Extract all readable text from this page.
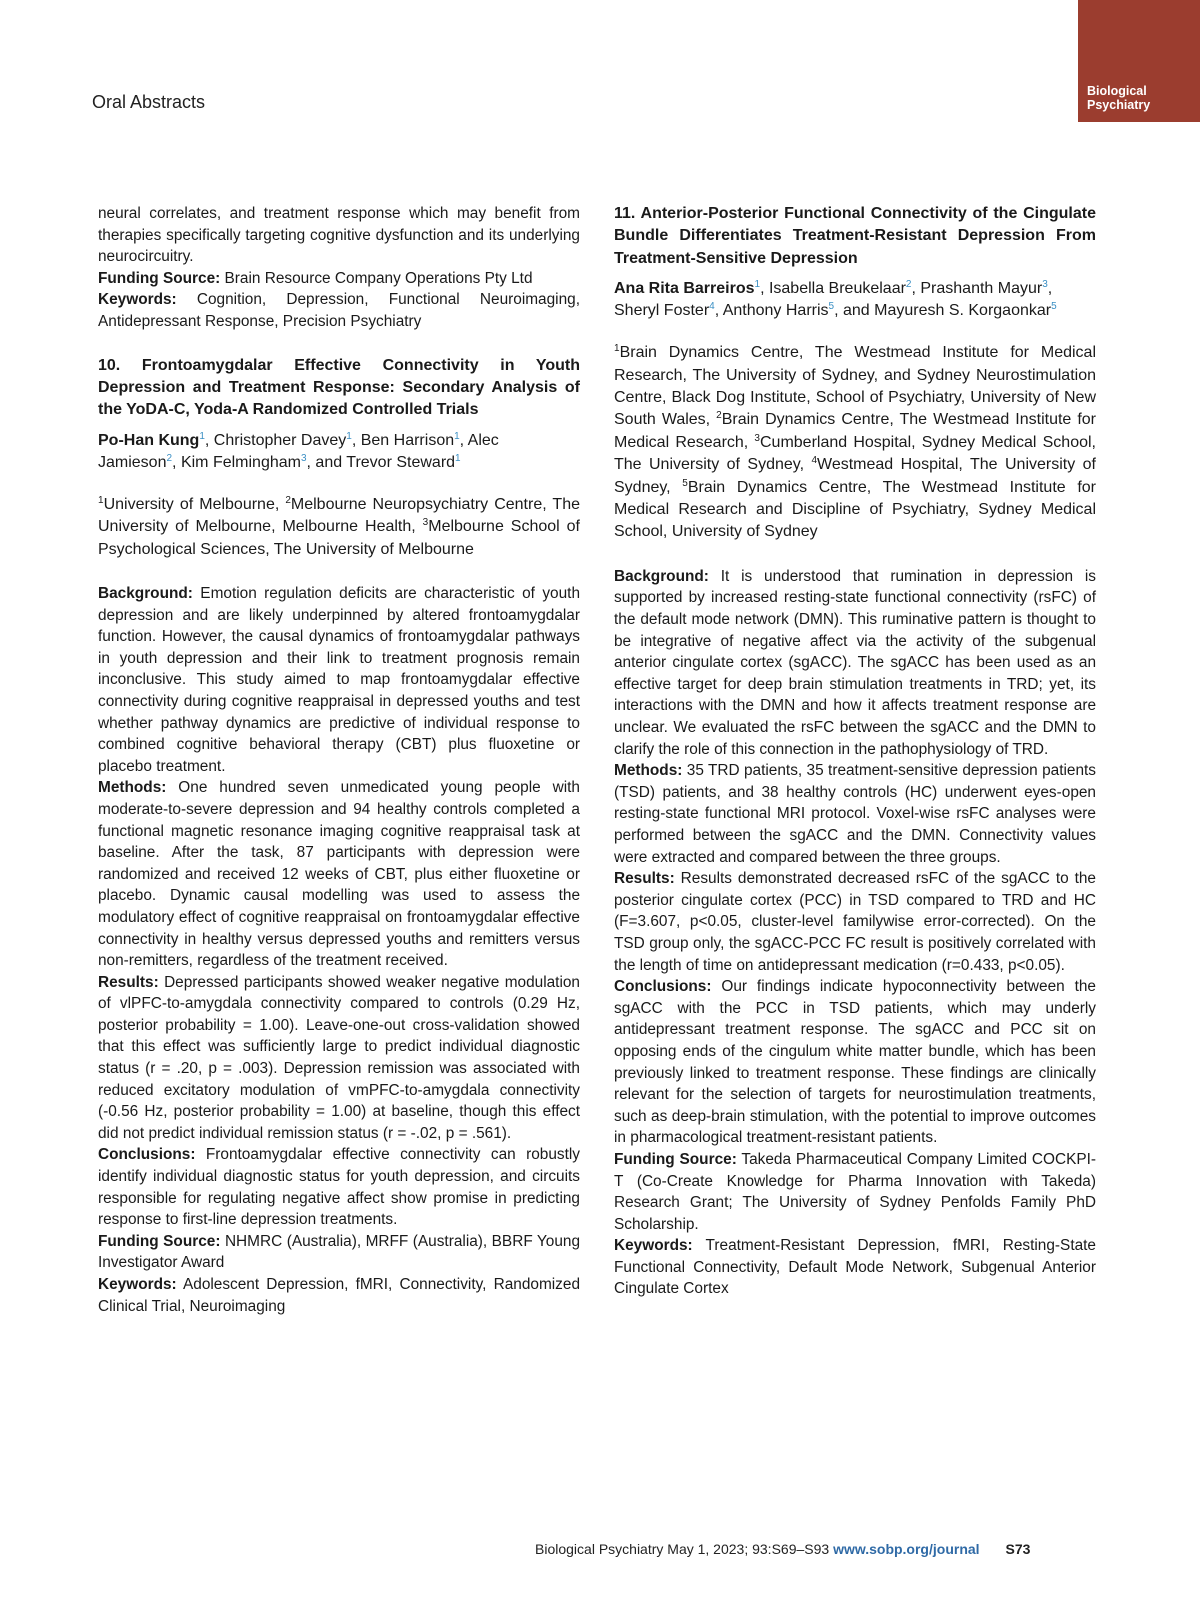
Biological
Psychiatry
Oral Abstracts

neural correlates, and treatment response which may benefit from therapies specifically targeting cognitive dysfunction and its underlying neurocircuitry.

Funding Source: Brain Resource Company Operations Pty Ltd

Keywords: Cognition, Depression, Functional Neuroimaging, Antidepressant Response, Precision Psychiatry

10. Frontoamygdalar Effective Connectivity in Youth Depression and Treatment Response: Secondary Analysis of the YoDA-C, Yoda-A Randomized Controlled Trials

Po-Han Kung$^1$, Christopher Davey$^1$, Ben Harrison$^1$, Alec Jamieson$^2$, Kim Felmingham$^3$, and Trevor Steward$^1$

$^1$University of Melbourne, $^2$Melbourne Neuropsychiatry Centre, The University of Melbourne, Melbourne Health, $^3$Melbourne School of Psychological Sciences, The University of Melbourne

Background: Emotion regulation deficits are characteristic of youth depression and are likely underpinned by altered frontoamygdalar function. However, the causal dynamics of frontoamygdalar pathways in youth depression and their link to treatment prognosis remain inconclusive. This study aimed to map frontoamygdalar effective connectivity during cognitive reappraisal in depressed youths and test whether pathway dynamics are predictive of individual response to combined cognitive behavioral therapy (CBT) plus fluoxetine or placebo treatment.

Methods: One hundred seven unmedicated young people with moderate-to-severe depression and 94 healthy controls completed a functional magnetic resonance imaging cognitive reappraisal task at baseline. After the task, 87 participants with depression were randomized and received 12 weeks of CBT, plus either fluoxetine or placebo. Dynamic causal modelling was used to assess the modulatory effect of cognitive reappraisal on frontoamygdalar effective connectivity in healthy versus depressed youths and remitters versus non-remitters, regardless of the treatment received.

Results: Depressed participants showed weaker negative modulation of vlPFC-to-amygdala connectivity compared to controls (0.29 Hz, posterior probability = 1.00). Leave-one-out cross-validation showed that this effect was sufficiently large to predict individual diagnostic status (r = .20, p = .003). Depression remission was associated with reduced excitatory modulation of vmPFC-to-amygdala connectivity (-0.56 Hz, posterior probability = 1.00) at baseline, though this effect did not predict individual remission status (r = -.02, p = .561).

Conclusions: Frontoamygdalar effective connectivity can robustly identify individual diagnostic status for youth depression, and circuits responsible for regulating negative affect show promise in predicting response to first-line depression treatments.

Funding Source: NHMRC (Australia), MRFF (Australia), BBRF Young Investigator Award

Keywords: Adolescent Depression, fMRI, Connectivity, Randomized Clinical Trial, Neuroimaging

11. Anterior-Posterior Functional Connectivity of the Cingulate Bundle Differentiates Treatment-Resistant Depression From Treatment-Sensitive Depression

Ana Rita Barreiros$^1$, Isabella Breukelaar$^2$, Prashanth Mayur$^3$, Sheryl Foster$^4$, Anthony Harris$^5$, and Mayuresh S. Korgaonkar$^5$

$^1$Brain Dynamics Centre, The Westmead Institute for Medical Research, The University of Sydney, and Sydney Neurostimulation Centre, Black Dog Institute, School of Psychiatry, University of New South Wales, $^2$Brain Dynamics Centre, The Westmead Institute for Medical Research, $^3$Cumberland Hospital, Sydney Medical School, The University of Sydney, $^4$Westmead Hospital, The University of Sydney, $^5$Brain Dynamics Centre, The Westmead Institute for Medical Research and Discipline of Psychiatry, Sydney Medical School, University of Sydney

Background: It is understood that rumination in depression is supported by increased resting-state functional connectivity (rsFC) of the default mode network (DMN). This ruminative pattern is thought to be integrative of negative affect via the activity of the subgenual anterior cingulate cortex (sgACC). The sgACC has been used as an effective target for deep brain stimulation treatments in TRD; yet, its interactions with the DMN and how it affects treatment response are unclear. We evaluated the rsFC between the sgACC and the DMN to clarify the role of this connection in the pathophysiology of TRD.

Methods: 35 TRD patients, 35 treatment-sensitive depression patients (TSD) patients, and 38 healthy controls (HC) underwent eyes-open resting-state functional MRI protocol. Voxel-wise rsFC analyses were performed between the sgACC and the DMN. Connectivity values were extracted and compared between the three groups.

Results: Results demonstrated decreased rsFC of the sgACC to the posterior cingulate cortex (PCC) in TSD compared to TRD and HC (F=3.607, p<0.05, cluster-level familywise error-corrected). On the TSD group only, the sgACC-PCC FC result is positively correlated with the length of time on antidepressant medication (r=0.433, p<0.05).

Conclusions: Our findings indicate hypoconnectivity between the sgACC with the PCC in TSD patients, which may underly antidepressant treatment response. The sgACC and PCC sit on opposing ends of the cingulum white matter bundle, which has been previously linked to treatment response. These findings are clinically relevant for the selection of targets for neurostimulation treatments, such as deep-brain stimulation, with the potential to improve outcomes in pharmacological treatment-resistant patients.

Funding Source: Takeda Pharmaceutical Company Limited COCKPI-T (Co-Create Knowledge for Pharma Innovation with Takeda) Research Grant; The University of Sydney Penfolds Family PhD Scholarship.

Keywords: Treatment-Resistant Depression, fMRI, Resting-State Functional Connectivity, Default Mode Network, Subgenual Anterior Cingulate Cortex

Biological Psychiatry May 1, 2023; 93:S69–S93 www.sobp.org/journal S73
